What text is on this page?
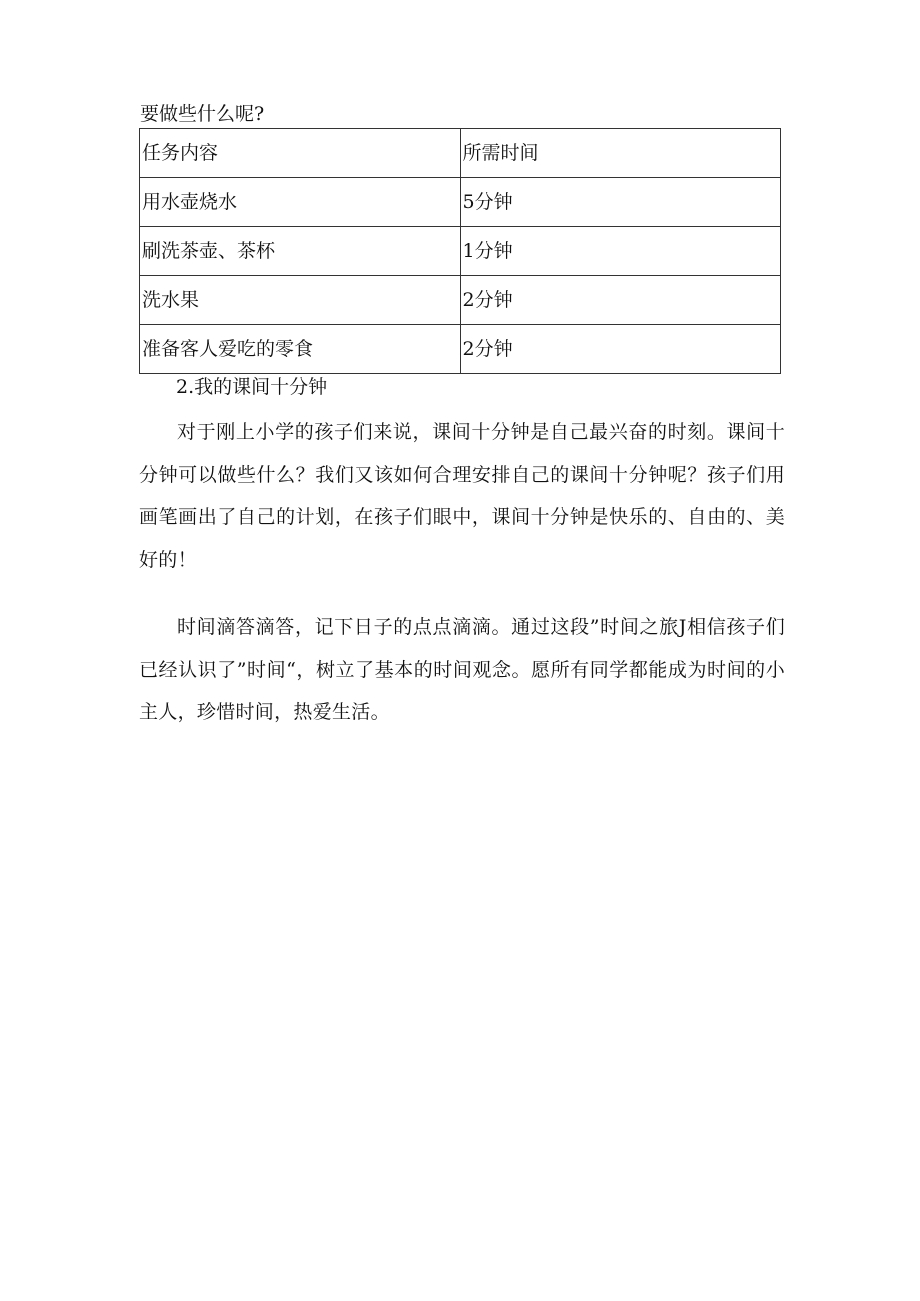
要做些什么呢?

任务内容	所需时间
用水壶烧水	5分钟
刷洗茶壶、茶杯	1分钟
洗水果	2分钟
准备客人爱吃的零食	2分钟

2.我的课间十分钟

对于刚上小学的孩子们来说，课间十分钟是自己最兴奋的时刻。课间十分钟可以做些什么？我们又该如何合理安排自己的课间十分钟呢？孩子们用画笔画出了自己的计划，在孩子们眼中，课间十分钟是快乐的、自由的、美好的！

时间滴答滴答，记下日子的点点滴滴。通过这段”时间之旅J相信孩子们已经认识了”时间“，树立了基本的时间观念。愿所有同学都能成为时间的小主人，珍惜时间，热爱生活。
